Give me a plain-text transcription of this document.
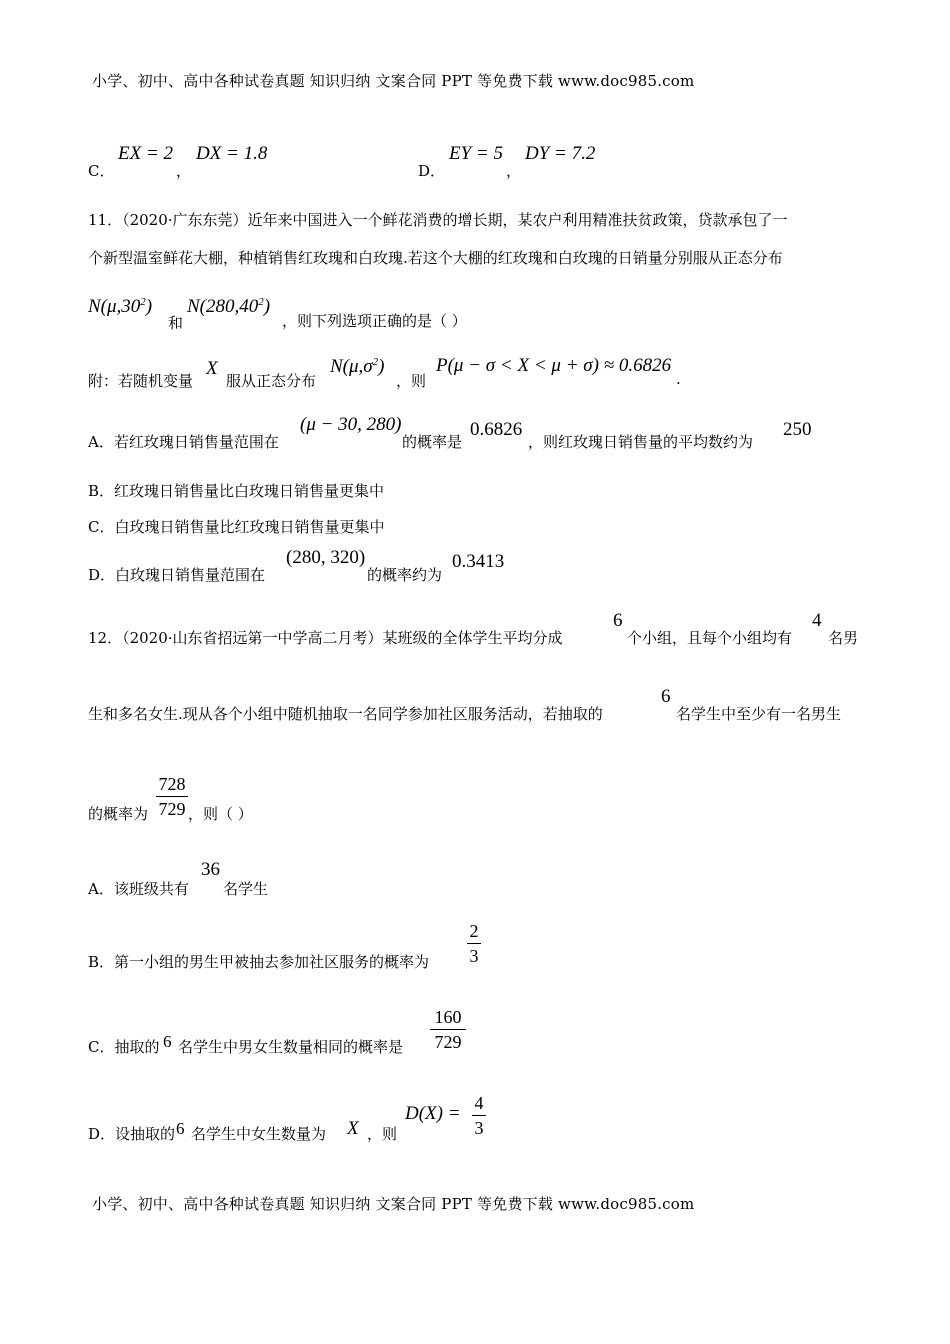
小学、初中、高中各种试卷真题 知识归纳 文案合同 PPT 等免费下载 www.doc985.com
C．
EX = 2
，
DX = 1.8
D．
EY = 5
，
DY = 7.2
11．（2020·广东东莞）近年来中国进入一个鲜花消费的增长期，某农户利用精准扶贫政策，贷款承包了一
个新型温室鲜花大棚，种植销售红玫瑰和白玫瑰.若这个大棚的红玫瑰和白玫瑰的日销量分别服从正态分布
$N(\mu,30^2)$
和
N(280,40$^2$)
，则下列选项正确的是（ ）
附：若随机变量
X
服从正态分布
$N(\mu,\sigma^2)$
，则
P(μ − σ < X < μ + σ) ≈ 0.6826
.
A．若红玫瑰日销售量范围在
(μ − 30, 280)
的概率是
0.6826
，则红玫瑰日销售量的平均数约为
250
B．红玫瑰日销售量比白玫瑰日销售量更集中
C．白玫瑰日销售量比红玫瑰日销售量更集中
D．白玫瑰日销售量范围在
(280, 320)
的概率约为
0.3413
12．（2020·山东省招远第一中学高二月考）某班级的全体学生平均分成
6
个小组，且每个小组均有
4
名男
生和多名女生.现从各个小组中随机抽取一名同学参加社区服务活动，若抽取的
6
名学生中至少有一名男生
的概率为
728
729 ，则（ ）
A．该班级共有
36
名学生
B．第一小组的男生甲被抽去参加社区服务的概率为
2
3
C．抽取的 6 名学生中男女生数量相同的概率是
160
729
D．设抽取的 6 名学生中女生数量为 X ，则
D(X) = 4
3
小学、初中、高中各种试卷真题 知识归纳 文案合同 PPT 等免费下载 www.doc985.com
